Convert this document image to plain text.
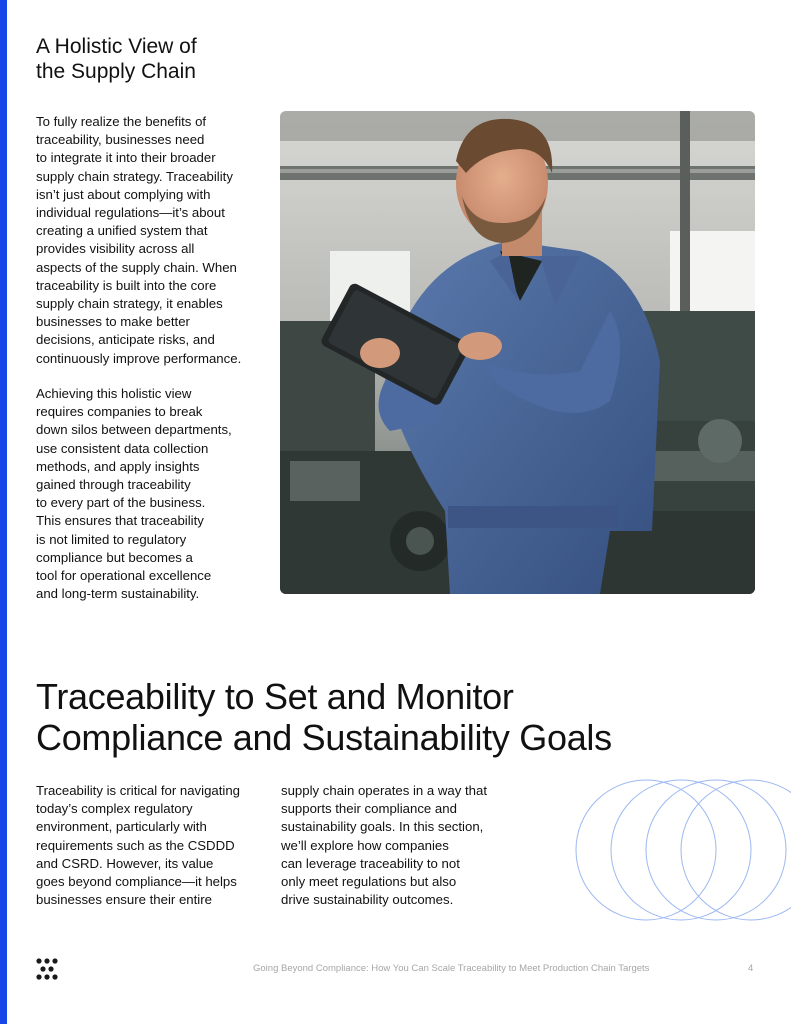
A Holistic View of
the Supply Chain
To fully realize the benefits of
traceability, businesses need
to integrate it into their broader
supply chain strategy. Traceability
isn’t just about complying with
individual regulations—it’s about
creating a unified system that
provides visibility across all
aspects of the supply chain. When
traceability is built into the core
supply chain strategy, it enables
businesses to make better
decisions, anticipate risks, and
continuously improve performance.
Achieving this holistic view
requires companies to break
down silos between departments,
use consistent data collection
methods, and apply insights
gained through traceability
to every part of the business.
This ensures that traceability
is not limited to regulatory
compliance but becomes a
tool for operational excellence
and long-term sustainability.
Traceability to Set and Monitor
Compliance and Sustainability Goals
Traceability is critical for navigating
today’s complex regulatory
environment, particularly with
requirements such as the CSDDD
and CSRD. However, its value
goes beyond compliance—it helps
businesses ensure their entire
supply chain operates in a way that
supports their compliance and
sustainability goals. In this section,
we’ll explore how companies
can leverage traceability to not
only meet regulations but also
drive sustainability outcomes.
Going Beyond Compliance: How You Can Scale Traceability to Meet Production Chain Targets	4
